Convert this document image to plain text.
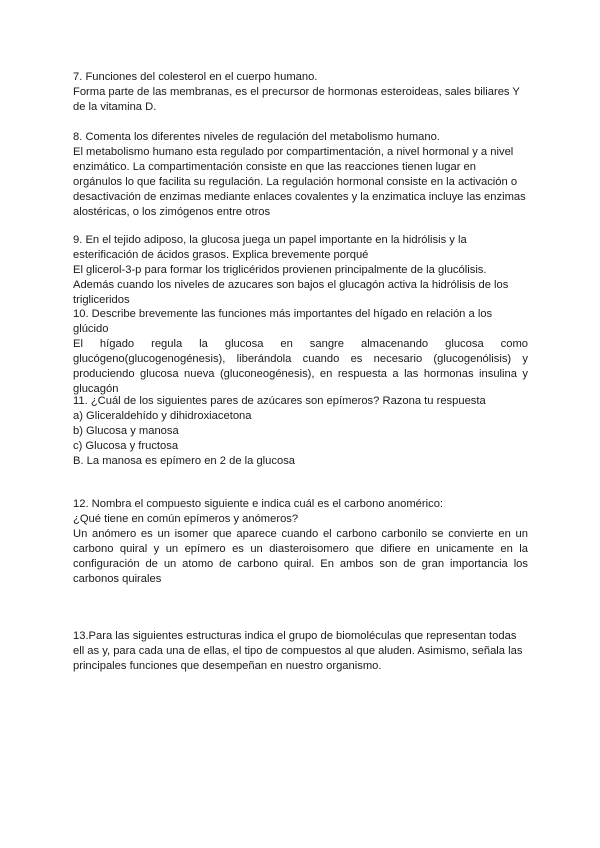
7. Funciones del colesterol en el cuerpo humano.

Forma parte de las membranas, es el precursor de hormonas esteroideas, sales biliares Y de la vitamina D.

8. Comenta los diferentes niveles de regulación del metabolismo humano.

El metabolismo humano esta regulado por compartimentación, a nivel hormonal y a nivel enzimático. La compartimentación consiste en que las reacciones tienen lugar en orgánulos lo que facilita su regulación. La regulación hormonal consiste en la activación o desactivación de enzimas mediante enlaces covalentes y la enzimatica incluye las enzimas alostéricas, o los zimógenos entre otros

9. En el tejido adiposo, la glucosa juega un papel importante en la hidrólisis y la esterificación de ácidos grasos. Explica brevemente porqué

El glicerol-3-p para formar los triglicéridos provienen principalmente de la glucólisis. Además cuando los niveles de azucares son bajos el glucagón activa la hidrólisis de los trigliceridos

10. Describe brevemente las funciones más importantes del hígado en relación a los glúcido

El hígado regula la glucosa en sangre almacenando glucosa como glucógeno(glucogenogénesis), liberándola cuando es necesario (glucogenólisis) y produciendo glucosa nueva (gluconeogénesis), en respuesta a las hormonas insulina y glucagón

11. ¿Cuál de los siguientes pares de azúcares son epímeros? Razona tu respuesta

a) Gliceraldehído y dihidroxiacetona

b) Glucosa y manosa

c) Glucosa y fructosa

B. La manosa es epímero en 2 de la glucosa

12. Nombra el compuesto siguiente e indica cuál es el carbono anomérico:

¿Qué tiene en común epímeros y anómeros?

Un anómero es un isomer que aparece cuando el carbono carbonilo se convierte en un carbono quiral y un epímero es un diasteroisomero que difiere en unicamente en la configuración de un atomo de carbono quiral. En ambos son de gran importancia los carbonos quirales

13.Para las siguientes estructuras indica el grupo de biomoléculas que representan todas ell as y, para cada una de ellas, el tipo de compuestos al que aluden. Asimismo, señala las principales funciones que desempeñan en nuestro organismo.
